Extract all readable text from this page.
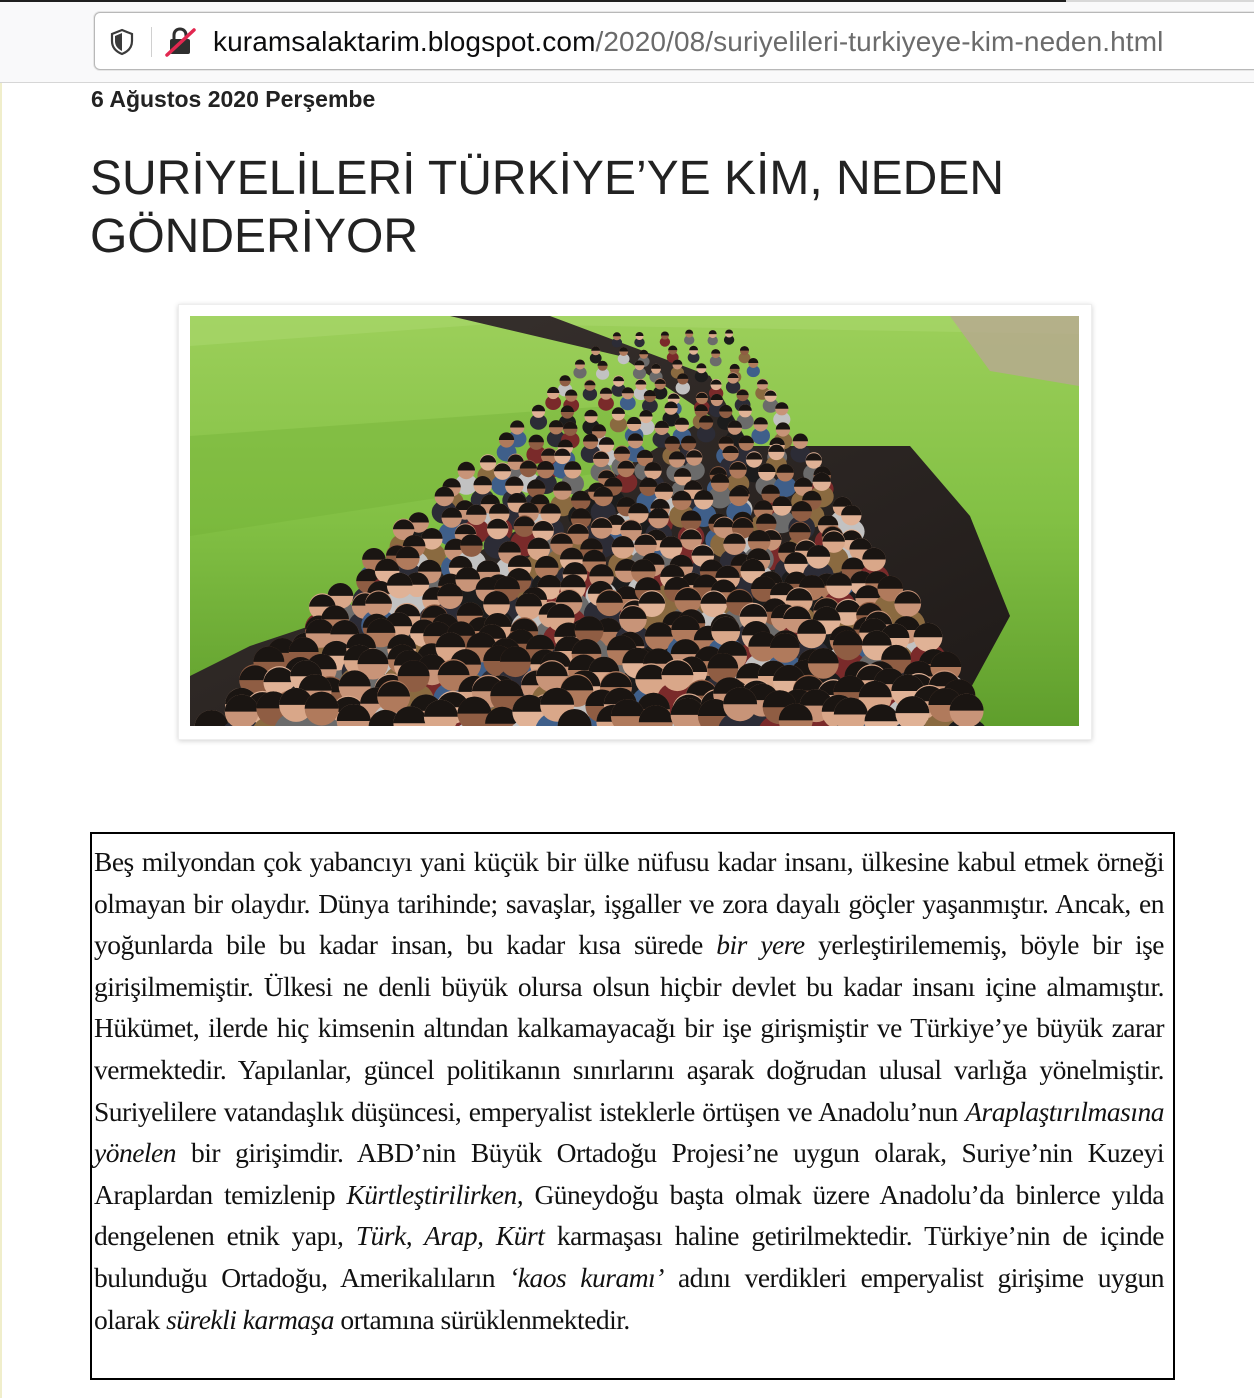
kuramsalaktarim.blogspot.com/2020/08/suriyelileri-turkiyeye-kim-neden.html
6 Ağustos 2020 Perşembe
SURİYELİLERİ TÜRKİYE’YE KİM, NEDEN GÖNDERİYOR

Beş milyondan çok yabancıyı yani küçük bir ülke nüfusu kadar insanı, ülkesine kabul etmek örneği olmayan bir olaydır. Dünya tarihinde; savaşlar, işgaller ve zora dayalı göçler yaşanmıştır. Ancak, en yoğunlarda bile bu kadar insan, bu kadar kısa sürede bir yere yerleştirilememiş, böyle bir işe girişilmemiştir. Ülkesi ne denli büyük olursa olsun hiçbir devlet bu kadar insanı içine almamıştır. Hükümet, ilerde hiç kimsenin altından kalkamayacağı bir işe girişmiştir ve Türkiye’ye büyük zarar vermektedir. Yapılanlar, güncel politikanın sınırlarını aşarak doğrudan ulusal varlığa yönelmiştir. Suriyelilere vatandaşlık düşüncesi, emperyalist isteklerle örtüşen ve Anadolu’nun Araplaştırılmasına yönelen bir girişimdir. ABD’nin Büyük Ortadoğu Projesi’ne uygun olarak, Suriye’nin Kuzeyi Araplardan temizlenip Kürtleştirilirken, Güneydoğu başta olmak üzere Anadolu’da binlerce yılda dengelenen etnik yapı, Türk, Arap, Kürt karmaşası haline getirilmektedir. Türkiye’nin de içinde bulunduğu Ortadoğu, Amerikalıların ‘kaos kuramı’ adını verdikleri emperyalist girişime uygun olarak sürekli karmaşa ortamına sürüklenmektedir.
